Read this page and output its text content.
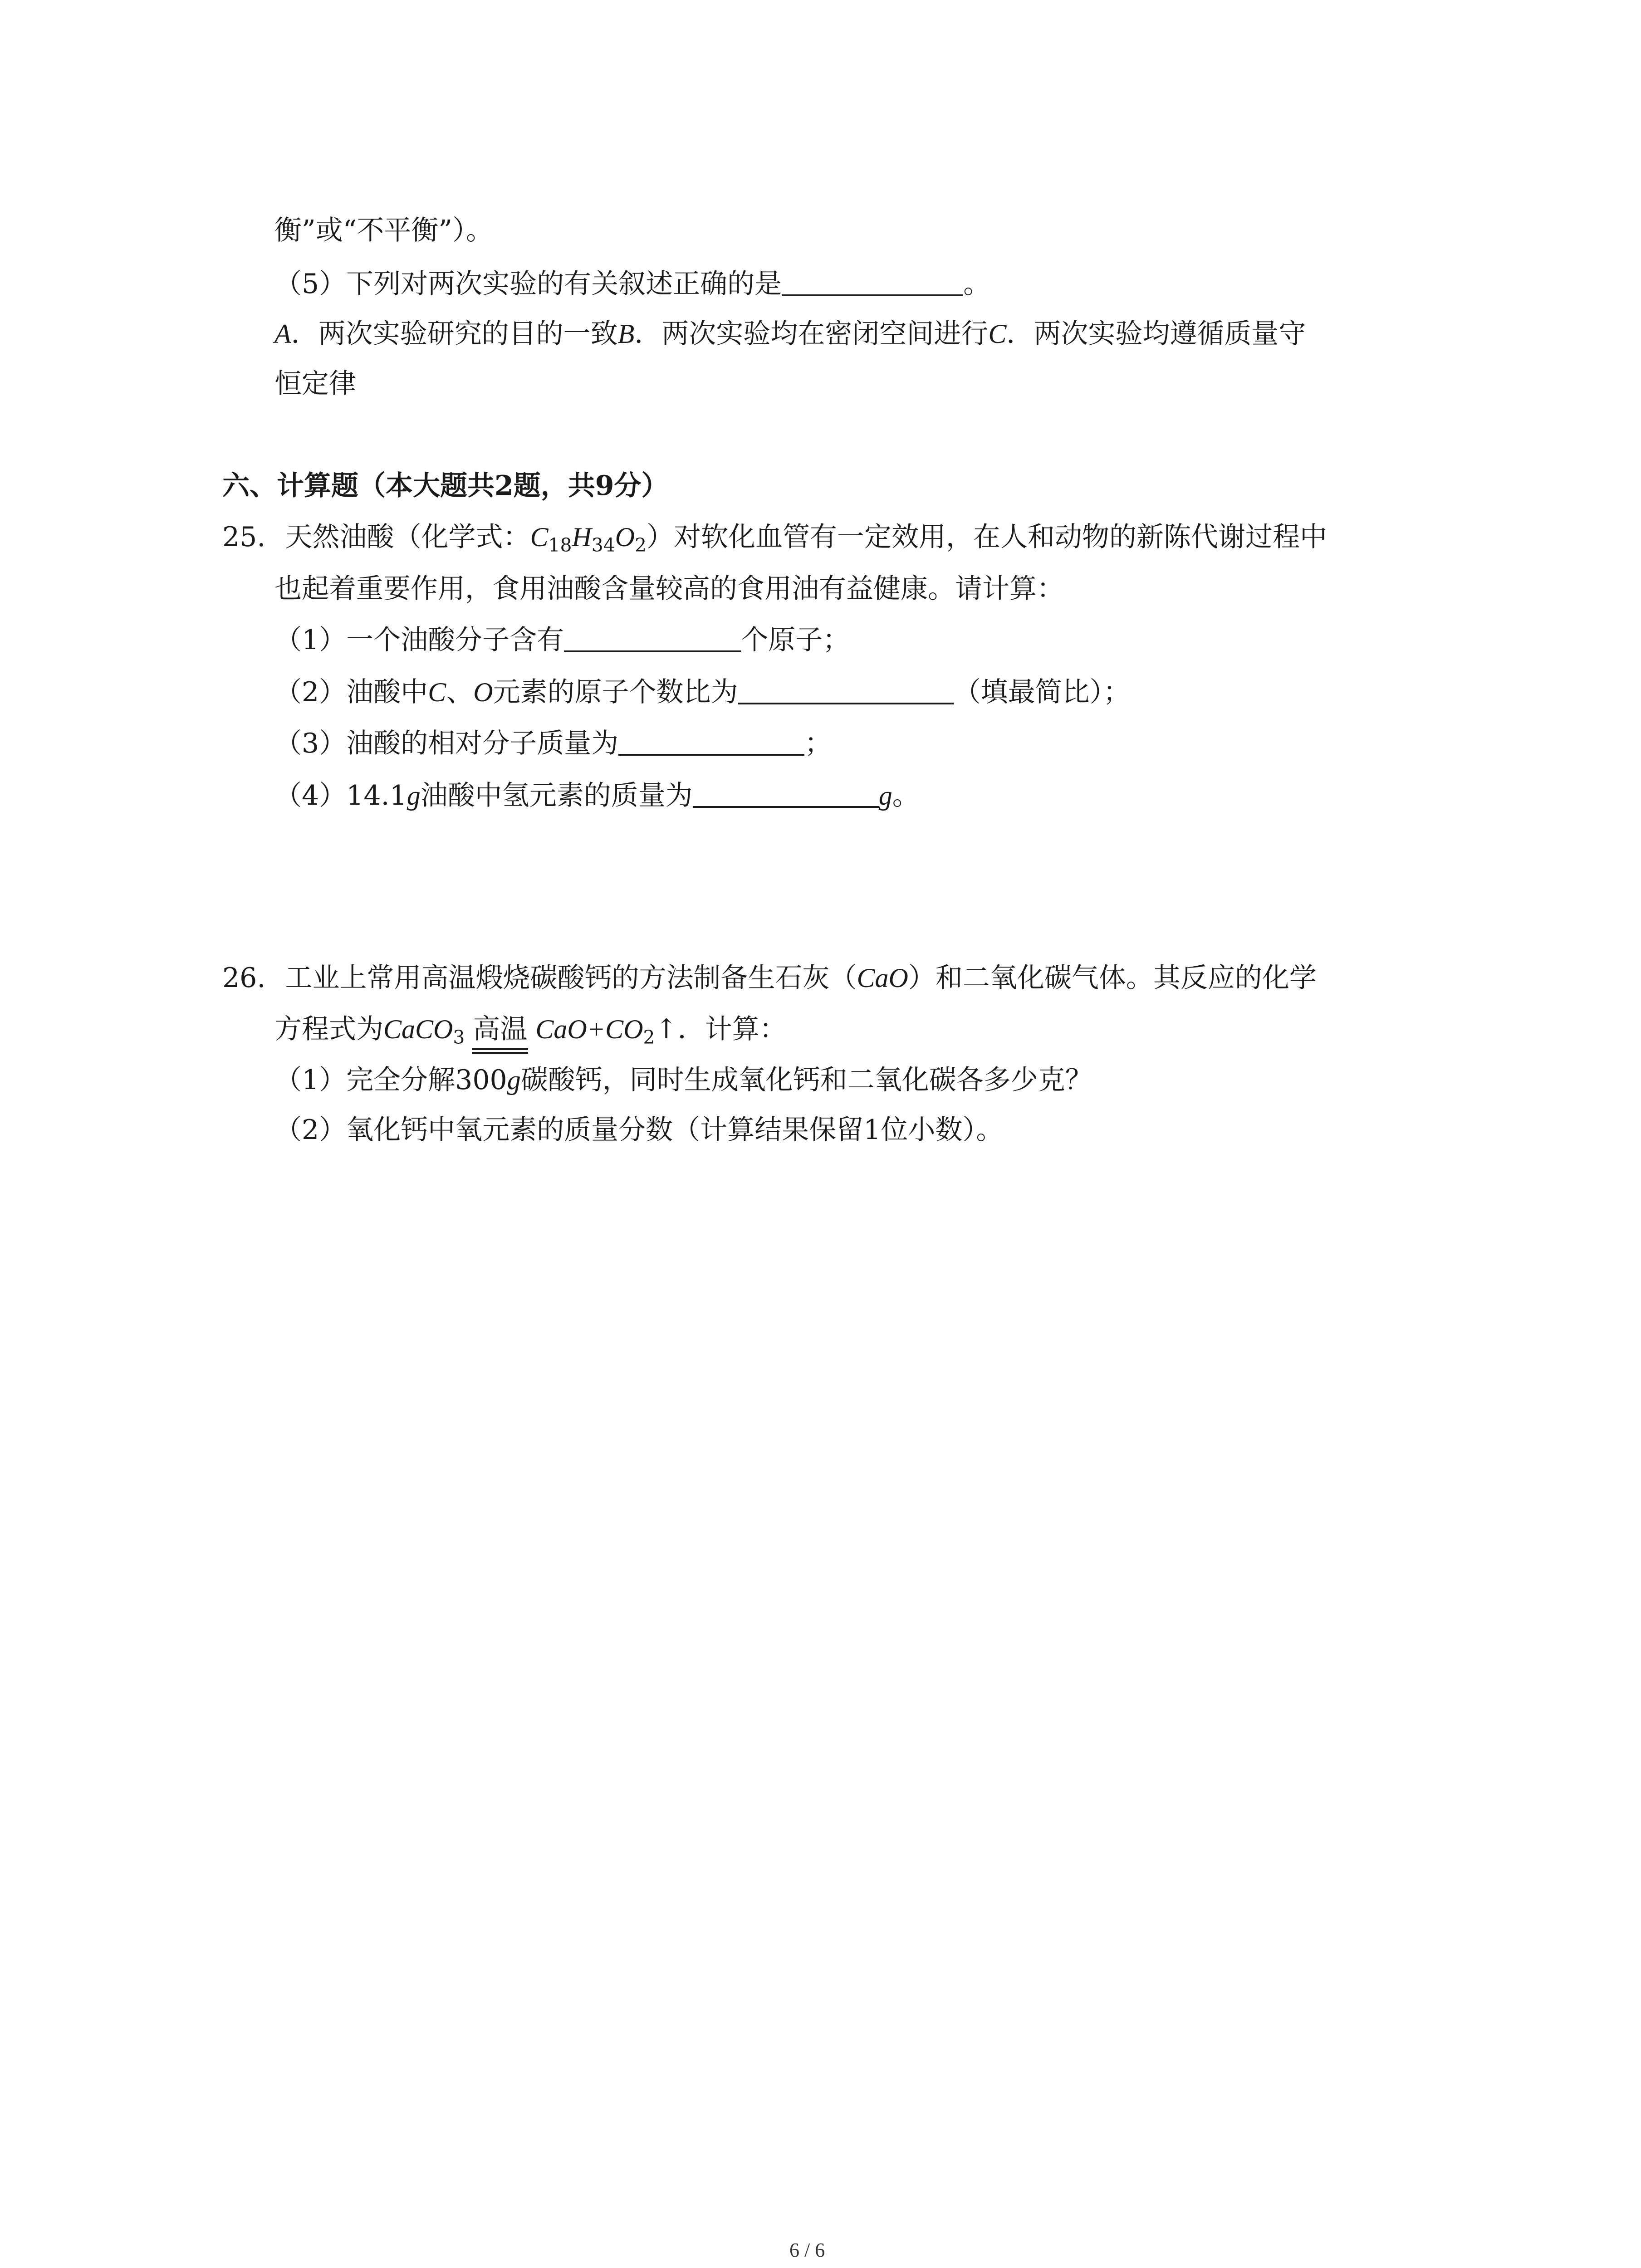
衡”或“不平衡”）。
（5）下列对两次实验的有关叙述正确的是	。
A．两次实验研究的目的一致B．两次实验均在密闭空间进行C．两次实验均遵循质量守
恒定律
六、计算题（本大题共2题，共9分）
25. 天然油酸（化学式：$C_{18}H_{34}O_2$）对软化血管有一定效用，在人和动物的新陈代谢过程中
也起着重要作用，食用油酸含量较高的食用油有益健康。请计算：
（1）一个油酸分子含有	个原子；
（2）油酸中C、O元素的原子个数比为	（填最简比）；
（3）油酸的相对分子质量为	；
（4）14.1g油酸中氢元素的质量为	g。
26. 工业上常用高温煅烧碳酸钙的方法制备生石灰（CaO）和二氧化碳气体。其反应的化学
方程式为CaCO$_3$ 高温 $CaO+CO_2↑$．计算：
（1）完全分解300g碳酸钙，同时生成氧化钙和二氧化碳各多少克？
（2）氧化钙中氧元素的质量分数（计算结果保留1位小数）。
6 / 6
